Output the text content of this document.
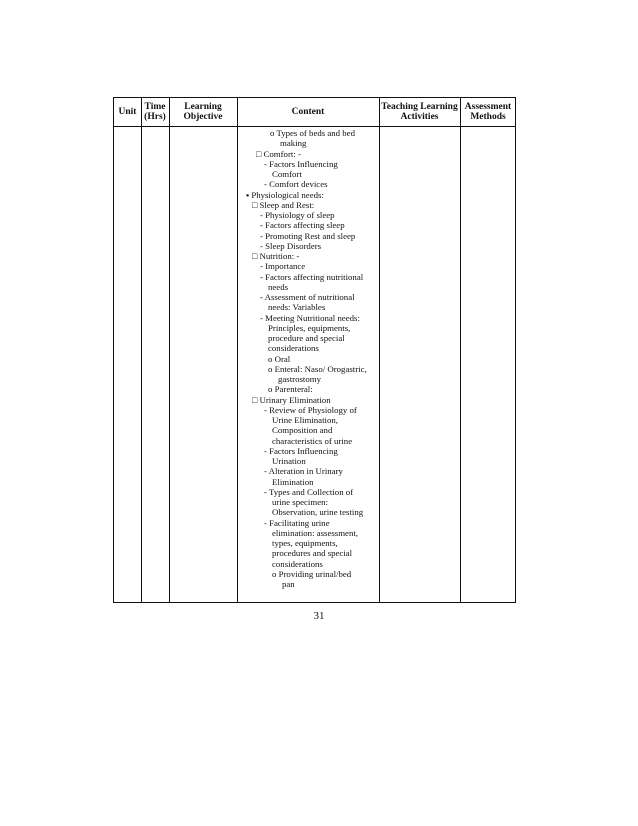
Unit
Time
(Hrs)
Learning
Objective
Content
Teaching Learning
Activities
Assessment
Methods
o Types of beds and bed
making
□ Comfort: -
- Factors Influencing
Comfort
- Comfort devices
▪ Physiological needs:
□ Sleep and Rest:
- Physiology of sleep
- Factors affecting sleep
- Promoting Rest and sleep
- Sleep Disorders
□ Nutrition: -
- Importance
- Factors affecting nutritional
needs
- Assessment of nutritional
needs: Variables
- Meeting Nutritional needs:
Principles, equipments,
procedure and special
considerations
o Oral
o Enteral: Naso/ Orogastric,
gastrostomy
o Parenteral:
□ Urinary Elimination
- Review of Physiology of
Urine Elimination,
Composition and
characteristics of urine
- Factors Influencing
Urination
- Alteration in Urinary
Elimination
- Types and Collection of
urine specimen:
Observation, urine testing
- Facilitating urine
elimination: assessment,
types, equipments,
procedures and special
considerations
o Providing urinal/bed
pan
31
